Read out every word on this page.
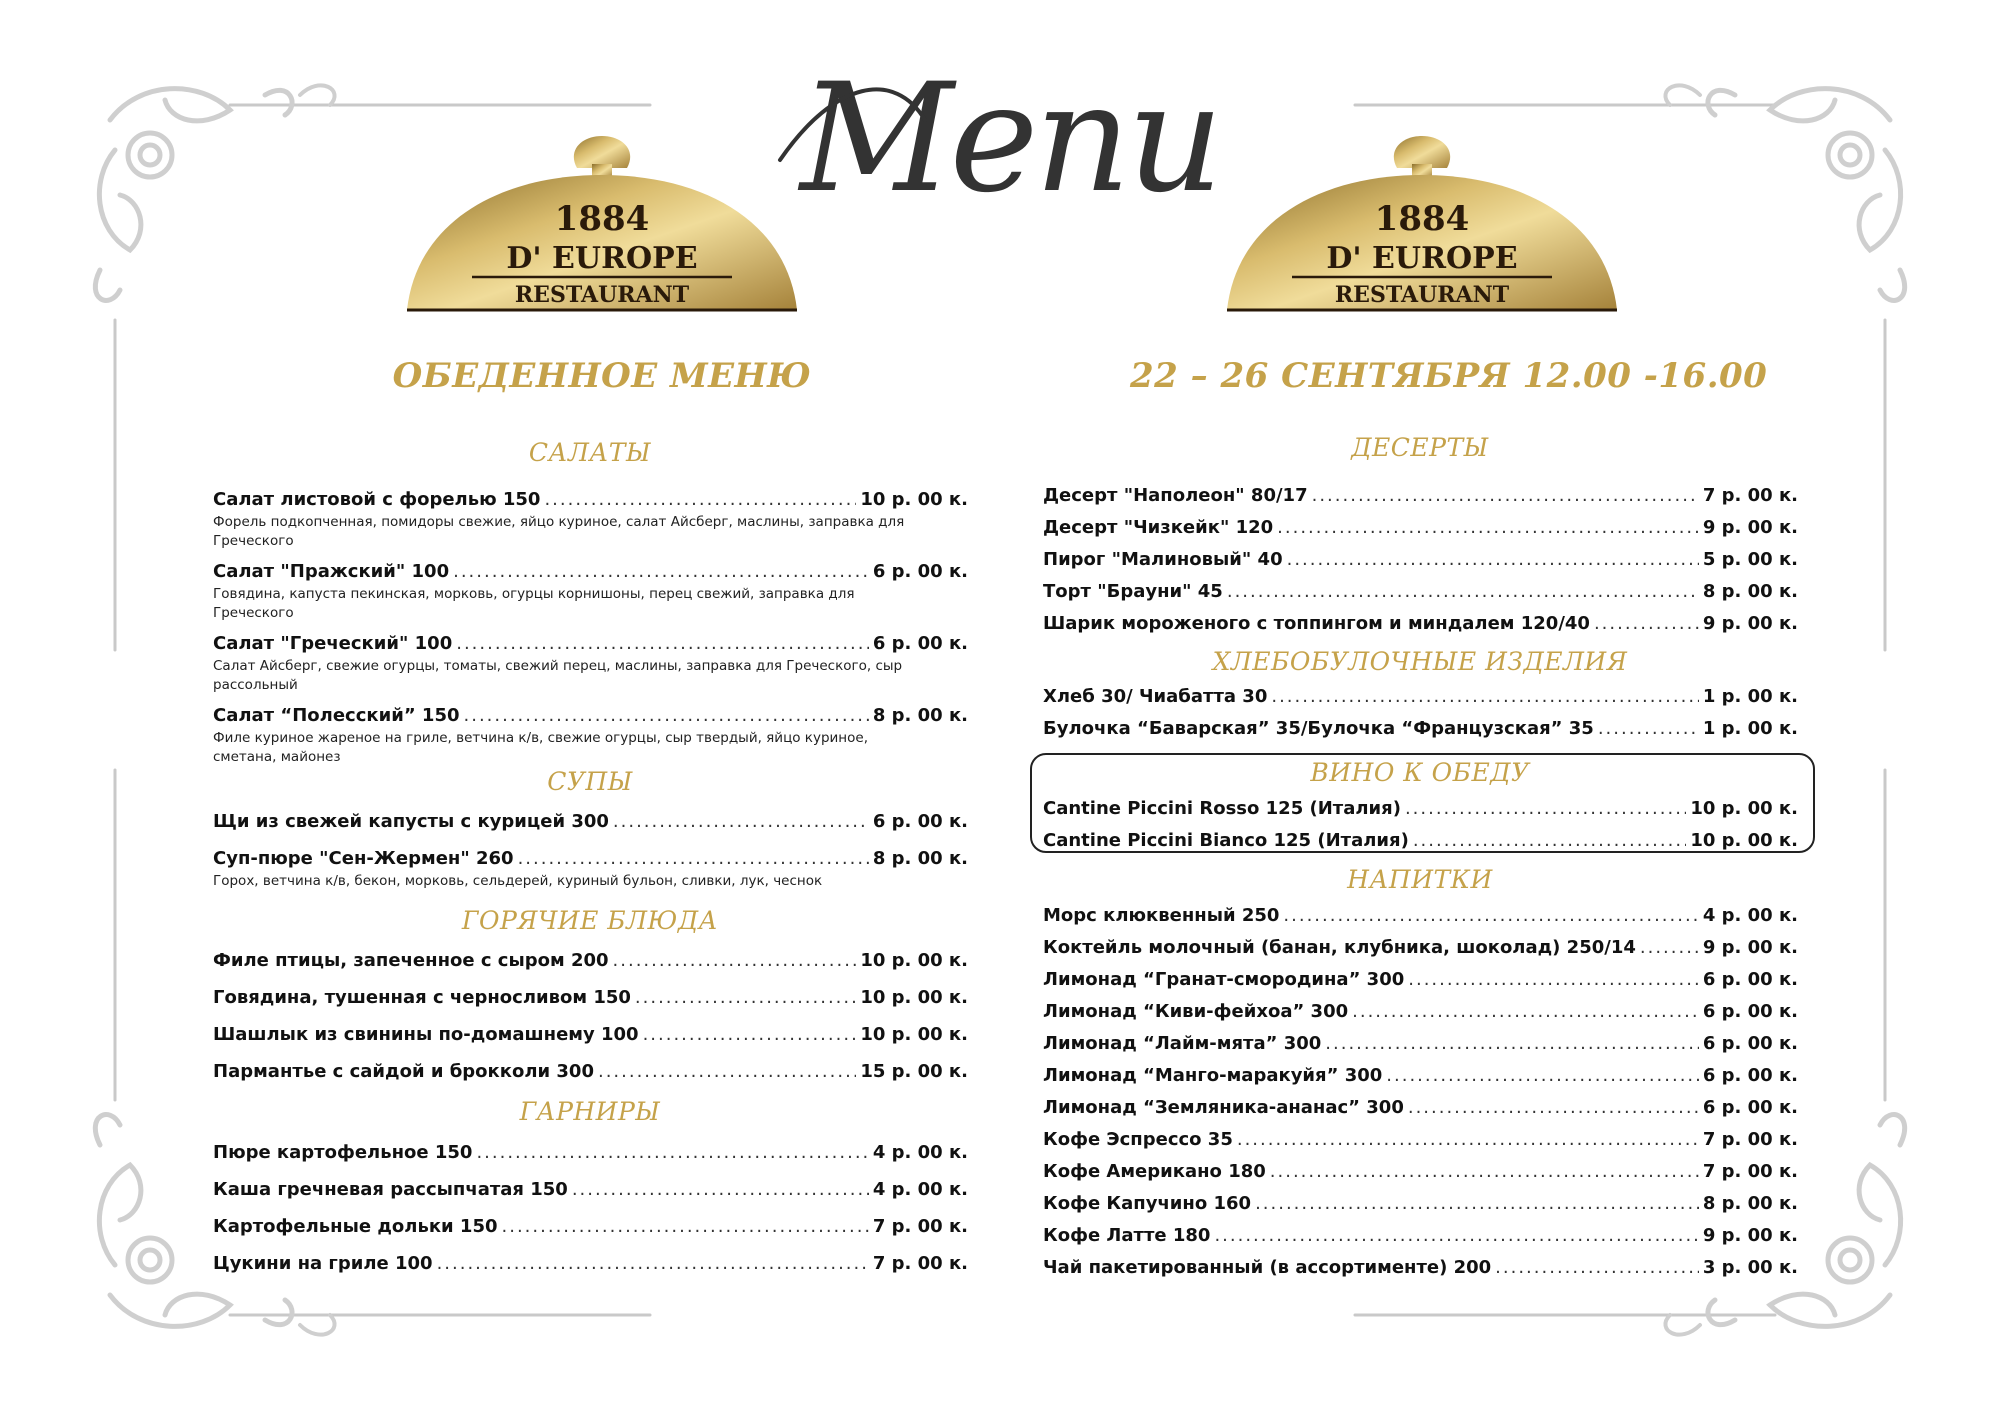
Menu
1884
D' EUROPE
RESTAURANT
1884
D' EUROPE
RESTAURANT
ОБЕДЕННОЕ МЕНЮ	22 – 26 СЕНТЯБРЯ 12.00 -16.00
САЛАТЫ
Салат листовой с форелью 150 .....	10 р. 00 к.
Форель подкопченная, помидоры свежие, яйцо куриное, салат Айсберг, маслины, заправка для Греческого
Салат "Пражский" 100 .....	6 р. 00 к.
Говядина, капуста пекинская, морковь, огурцы корнишоны, перец свежий, заправка для Греческого
Салат "Греческий" 100 .....	6 р. 00 к.
Салат Айсберг, свежие огурцы, томаты, свежий перец, маслины, заправка для Греческого, сыр рассольный
Салат “Полесский” 150 .....	8 р. 00 к.
Филе куриное жареное на гриле, ветчина к/в, свежие огурцы, сыр твердый, яйцо куриное, сметана, майонез
СУПЫ
Щи из свежей капусты с курицей 300 .....	6 р. 00 к.
Суп-пюре "Сен-Жермен" 260 .....	8 р. 00 к.
Горох, ветчина к/в, бекон, морковь, сельдерей, куриный бульон, сливки, лук, чеснок
ГОРЯЧИЕ БЛЮДА
Филе птицы, запеченное с сыром 200 .....	10 р. 00 к.
Говядина, тушенная с черносливом 150 .....	10 р. 00 к.
Шашлык из свинины по-домашнему 100 .....	10 р. 00 к.
Пармантье с сайдой и брокколи 300 .....	15 р. 00 к.
ГАРНИРЫ
Пюре картофельное 150 .....	4 р. 00 к.
Каша гречневая рассыпчатая 150 .....	4 р. 00 к.
Картофельные дольки 150 .....	7 р. 00 к.
Цукини на гриле 100 .....	7 р. 00 к.
ДЕСЕРТЫ
Десерт "Наполеон" 80/17 .....	7 р. 00 к.
Десерт "Чизкейк" 120 .....	9 р. 00 к.
Пирог "Малиновый" 40 .....	5 р. 00 к.
Торт "Брауни" 45 .....	8 р. 00 к.
Шарик мороженого с топпингом и миндалем 120/40 .....	9 р. 00 к.
ХЛЕБОБУЛОЧНЫЕ ИЗДЕЛИЯ
Хлеб 30/ Чиабатта 30 .....	1 р. 00 к.
Булочка “Баварская” 35/Булочка “Французская” 35 .....	1 р. 00 к.
ВИНО К ОБЕДУ
Cantine Piccini Rosso 125 (Италия) .....	10 р. 00 к.
Cantine Piccini Bianco 125 (Италия) .....	10 р. 00 к.
НАПИТКИ
Морс клюквенный 250 .....	4 р. 00 к.
Коктейль молочный (банан, клубника, шоколад) 250/14 .....	9 р. 00 к.
Лимонад “Гранат-смородина” 300 .....	6 р. 00 к.
Лимонад “Киви-фейхоа” 300 .....	6 р. 00 к.
Лимонад “Лайм-мята” 300 .....	6 р. 00 к.
Лимонад “Манго-маракуйя” 300 .....	6 р. 00 к.
Лимонад “Земляника-ананас” 300 .....	6 р. 00 к.
Кофе Эспрессо 35 .....	7 р. 00 к.
Кофе Американо 180 .....	7 р. 00 к.
Кофе Капучино 160 .....	8 р. 00 к.
Кофе Латте 180 .....	9 р. 00 к.
Чай пакетированный (в ассортименте) 200 .....	3 р. 00 к.
